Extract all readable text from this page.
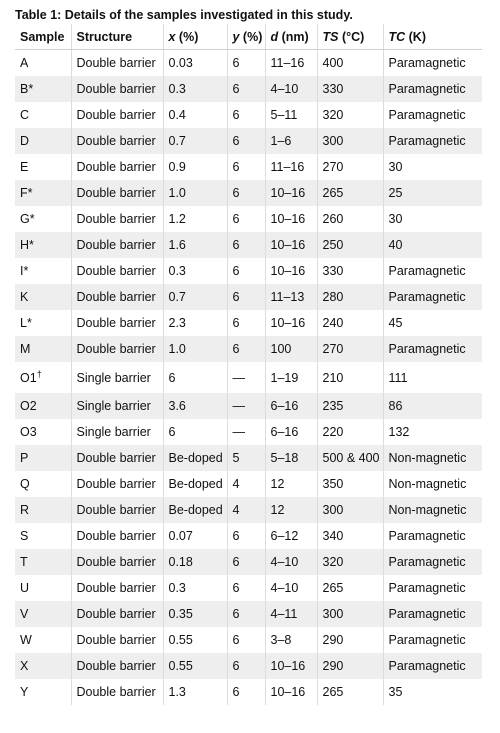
Table 1: Details of the samples investigated in this study.
Sample	Structure	x (%)	y (%)	d (nm)	TS (°C)	TC (K)
A	Double barrier	0.03	6	11–16	400	Paramagnetic
B*	Double barrier	0.3	6	4–10	330	Paramagnetic
C	Double barrier	0.4	6	5–11	320	Paramagnetic
D	Double barrier	0.7	6	1–6	300	Paramagnetic
E	Double barrier	0.9	6	11–16	270	30
F*	Double barrier	1.0	6	10–16	265	25
G*	Double barrier	1.2	6	10–16	260	30
H*	Double barrier	1.6	6	10–16	250	40
I*	Double barrier	0.3	6	10–16	330	Paramagnetic
K	Double barrier	0.7	6	11–13	280	Paramagnetic
L*	Double barrier	2.3	6	10–16	240	45
M	Double barrier	1.0	6	100	270	Paramagnetic
O1†	Single barrier	6	—	1–19	210	111
O2	Single barrier	3.6	—	6–16	235	86
O3	Single barrier	6	—	6–16	220	132
P	Double barrier	Be-doped	5	5–18	500 & 400	Non-magnetic
Q	Double barrier	Be-doped	4	12	350	Non-magnetic
R	Double barrier	Be-doped	4	12	300	Non-magnetic
S	Double barrier	0.07	6	6–12	340	Paramagnetic
T	Double barrier	0.18	6	4–10	320	Paramagnetic
U	Double barrier	0.3	6	4–10	265	Paramagnetic
V	Double barrier	0.35	6	4–11	300	Paramagnetic
W	Double barrier	0.55	6	3–8	290	Paramagnetic
X	Double barrier	0.55	6	10–16	290	Paramagnetic
Y	Double barrier	1.3	6	10–16	265	35
